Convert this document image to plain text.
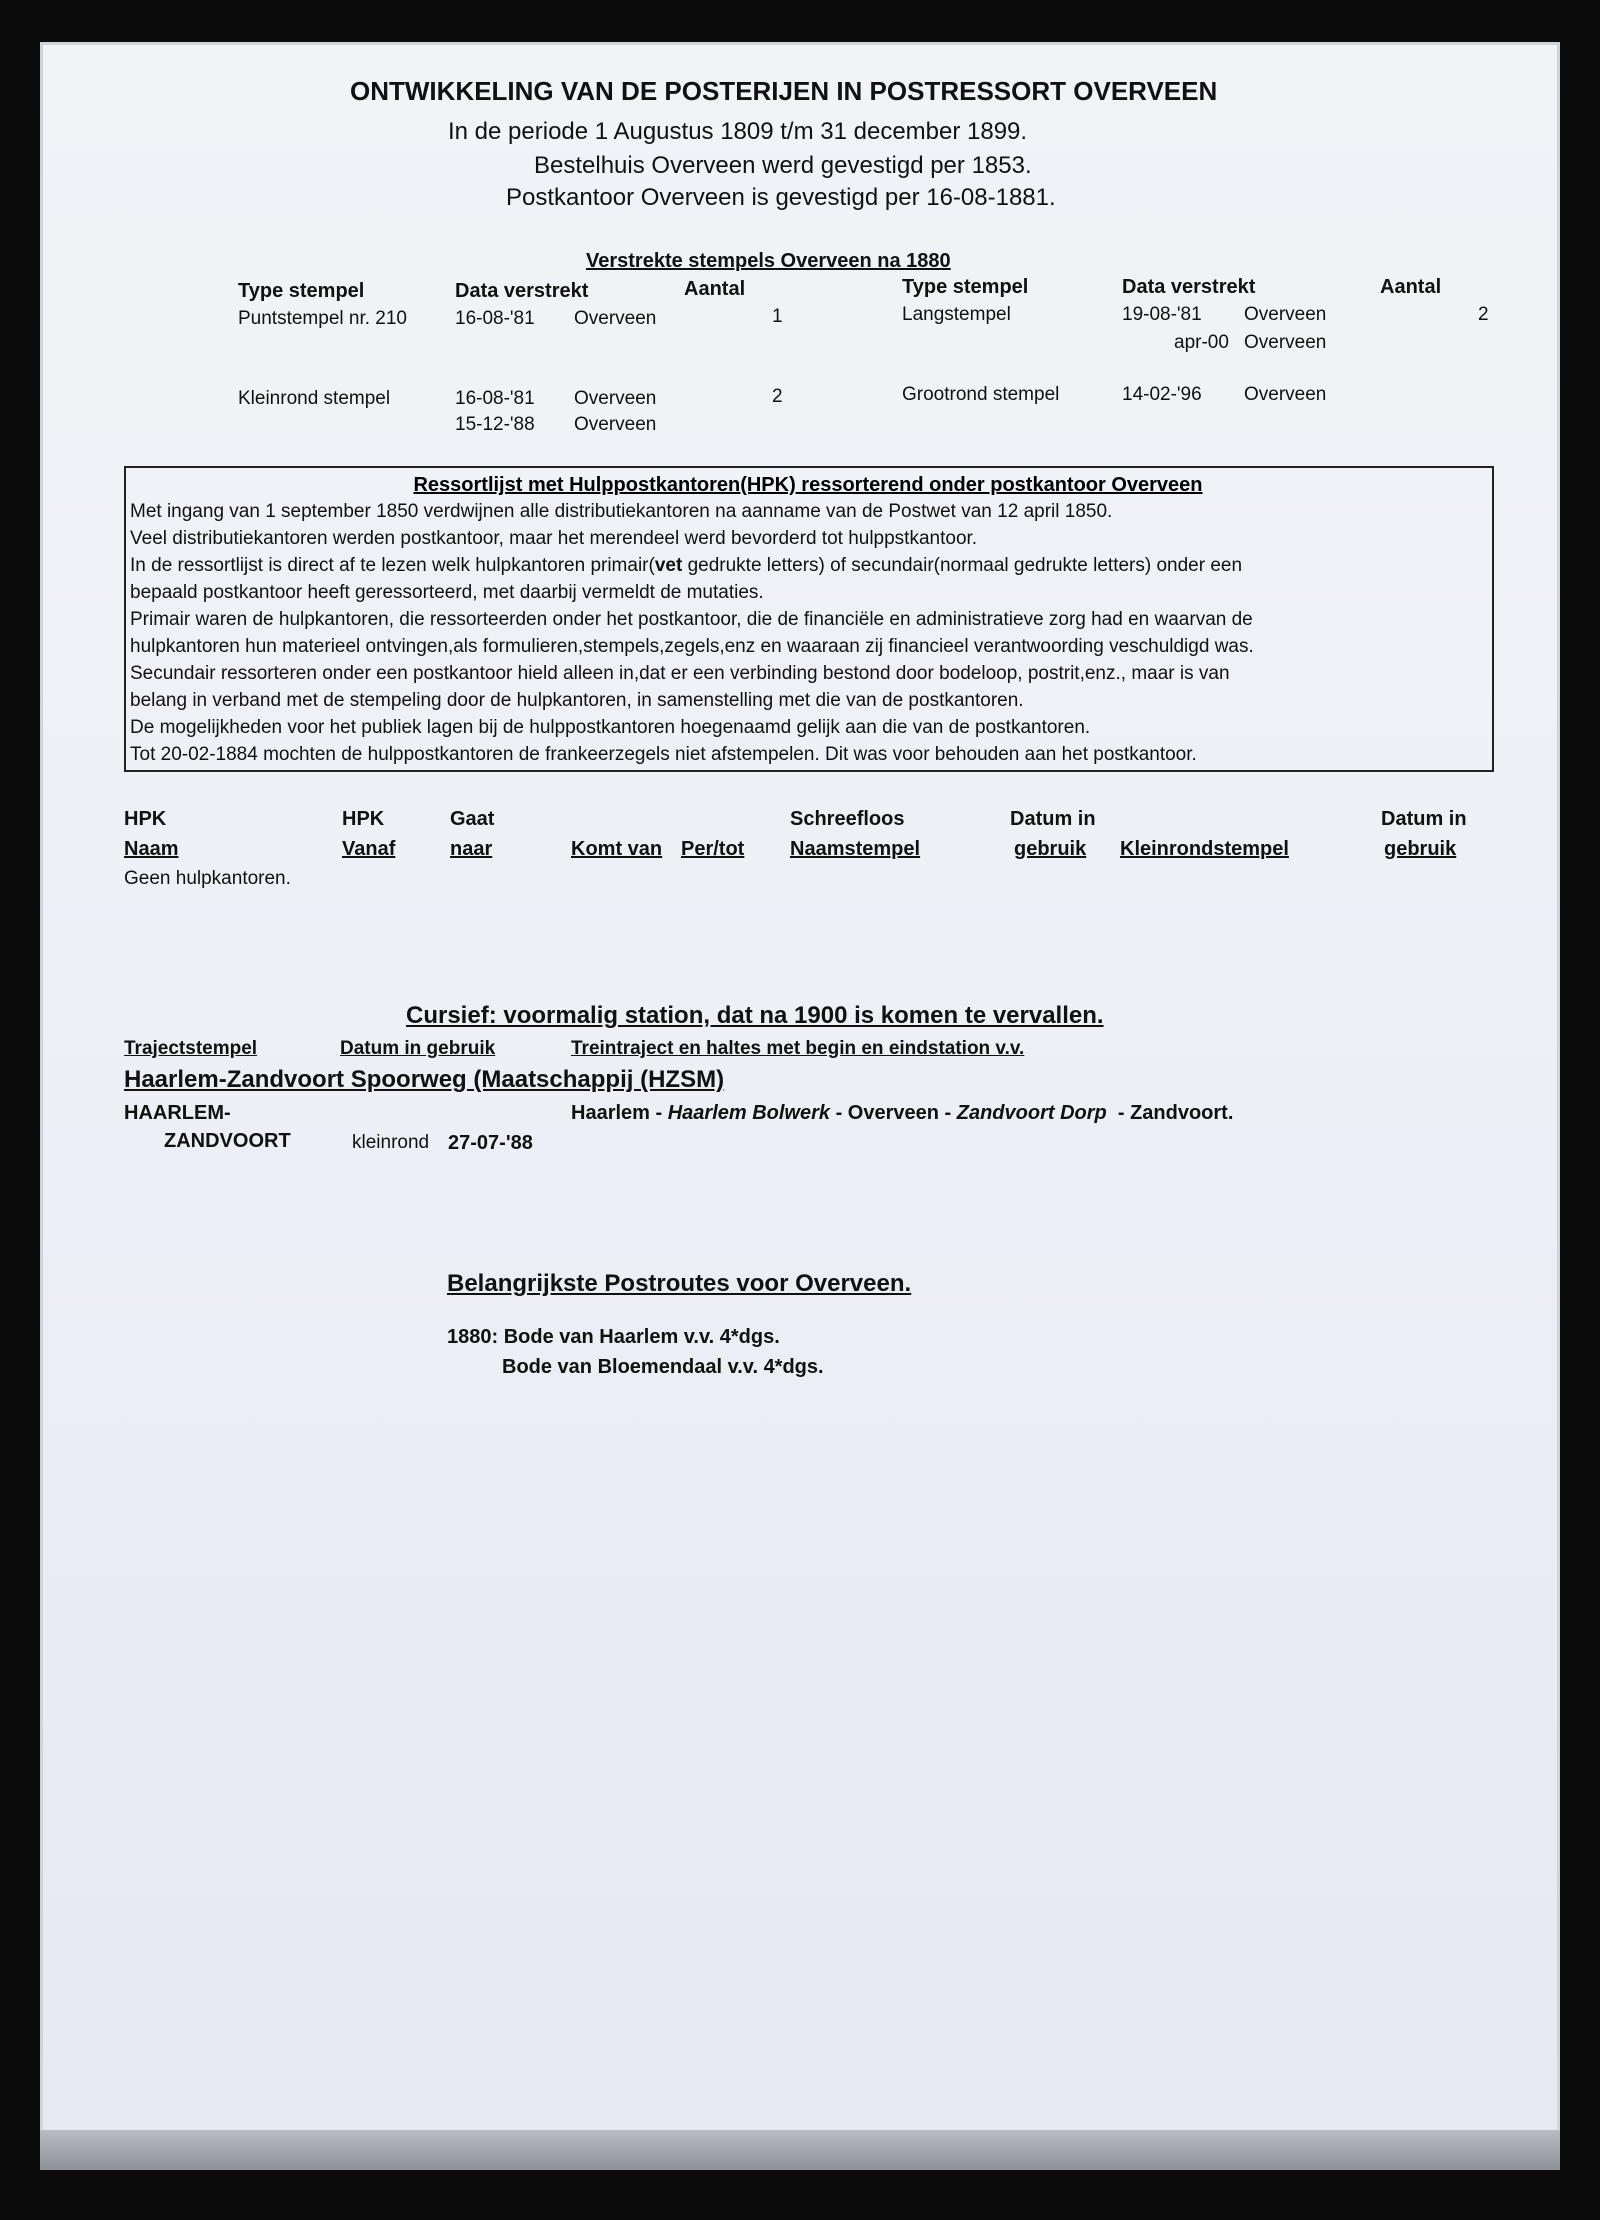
ONTWIKKELING VAN DE POSTERIJEN IN POSTRESSORT OVERVEEN
In de periode 1 Augustus 1809 t/m 31 december 1899.
Bestelhuis Overveen werd gevestigd per 1853.
Postkantoor Overveen is gevestigd per 16-08-1881.
Verstrekte stempels Overveen na 1880
Type stempel	Data verstrekt	Aantal	Type stempel	Data verstrekt	Aantal
Puntstempel nr. 210	16-08-'81 Overveen	1	Langstempel	19-08-'81 Overveen	2
apr-00 Overveen
Kleinrond stempel	16-08-'81 Overveen	2
15-12-'88 Overveen
Grootrond stempel	14-02-'96 Overveen
Ressortlijst met Hulppostkantoren(HPK) ressorterend onder postkantoor Overveen
Met ingang van 1 september 1850 verdwijnen alle distributiekantoren na aanname van de Postwet van 12 april 1850.
Veel distributiekantoren werden postkantoor, maar het merendeel werd bevorderd tot hulppstkantoor.
In de ressortlijst is direct af te lezen welk hulpkantoren primair(vet gedrukte letters) of secundair(normaal gedrukte letters) onder een
bepaald postkantoor heeft geressorteerd, met daarbij vermeldt de mutaties.
Primair waren de hulpkantoren, die ressorteerden onder het postkantoor, die de financiële en administratieve zorg had en waarvan de
hulpkantoren hun materieel ontvingen,als formulieren,stempels,zegels,enz en waaraan zij financieel verantwoording veschuldigd was.
Secundair ressorteren onder een postkantoor hield alleen in,dat er een verbinding bestond door bodeloop, postrit,enz., maar is van
belang in verband met de stempeling door de hulpkantoren, in samenstelling met die van de postkantoren.
De mogelijkheden voor het publiek lagen bij de hulppostkantoren hoegenaamd gelijk aan die van de postkantoren.
Tot 20-02-1884 mochten de hulppostkantoren de frankeerzegels niet afstempelen. Dit was voor behouden aan het postkantoor.
HPK
Naam
HPK
Vanaf
Gaat
naar	Komt van Per/tot
Schreefloos
Naamstempel
Datum in
gebruik Kleinrondstempel
Datum in
gebruik
Geen hulpkantoren.
Cursief: voormalig station, dat na 1900 is komen te vervallen.
Trajectstempel	Datum in gebruik	Treintraject en haltes met begin en eindstation v.v.
Haarlem-Zandvoort Spoorweg (Maatschappij (HZSM)
HAARLEM-
ZANDVOORT	kleinrond 27-07-'88
Haarlem - Haarlem Bolwerk - Overveen - Zandvoort Dorp  - Zandvoort.
Belangrijkste Postroutes voor Overveen.
1880: Bode van Haarlem v.v. 4*dgs.
Bode van Bloemendaal v.v. 4*dgs.
